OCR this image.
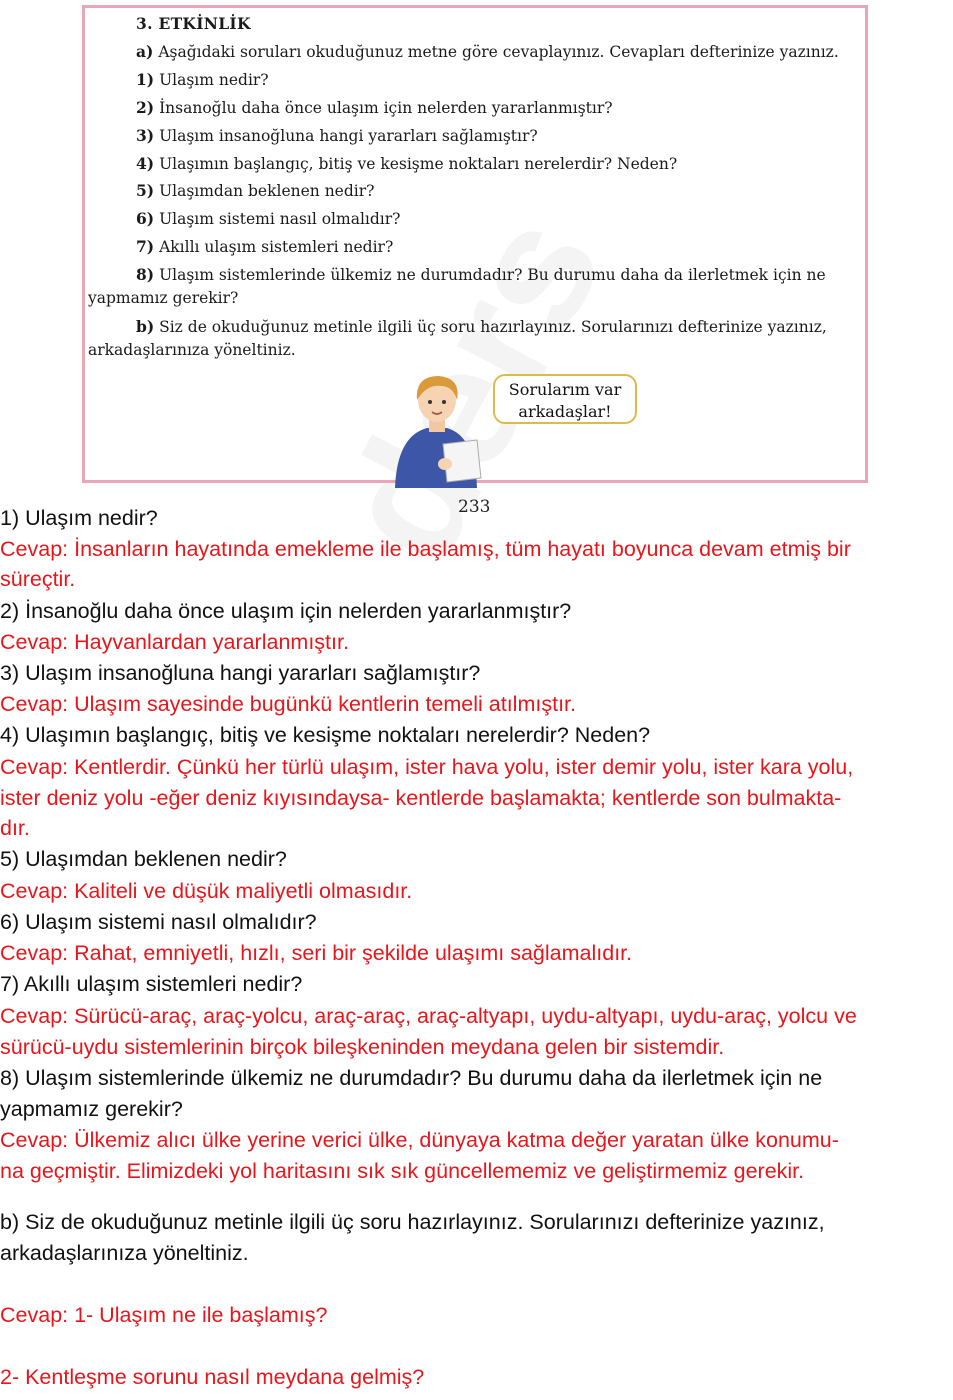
3. ETKİNLİK
a) Aşağıdaki soruları okuduğunuz metne göre cevaplayınız. Cevapları defterinize yazınız.
1) Ulaşım nedir?
2) İnsanoğlu daha önce ulaşım için nelerden yararlanmıştır?
3) Ulaşım insanoğluna hangi yararları sağlamıştır?
4) Ulaşımın başlangıç, bitiş ve kesişme noktaları nerelerdir? Neden?
5) Ulaşımdan beklenen nedir?
6) Ulaşım sistemi nasıl olmalıdır?
7) Akıllı ulaşım sistemleri nedir?
8) Ulaşım sistemlerinde ülkemiz ne durumdadır? Bu durumu daha da ilerletmek için ne
yapmamız gerekir?
b) Siz de okuduğunuz metinle ilgili üç soru hazırlayınız. Sorularınızı defterinize yazınız,
arkadaşlarınıza yöneltiniz.
Sorularım var
arkadaşlar!
233
1) Ulaşım nedir?
Cevap: İnsanların hayatında emekleme ile başlamış, tüm hayatı boyunca devam etmiş bir
süreçtir.
2) İnsanoğlu daha önce ulaşım için nelerden yararlanmıştır?
Cevap: Hayvanlardan yararlanmıştır.
3) Ulaşım insanoğluna hangi yararları sağlamıştır?
Cevap: Ulaşım sayesinde bugünkü kentlerin temeli atılmıştır.
4) Ulaşımın başlangıç, bitiş ve kesişme noktaları nerelerdir? Neden?
Cevap: Kentlerdir. Çünkü her türlü ulaşım, ister hava yolu, ister demir yolu, ister kara yolu,
ister deniz yolu -eğer deniz kıyısındaysa- kentlerde başlamakta; kentlerde son bulmakta-
dır.
5) Ulaşımdan beklenen nedir?
Cevap: Kaliteli ve düşük maliyetli olmasıdır.
6) Ulaşım sistemi nasıl olmalıdır?
Cevap: Rahat, emniyetli, hızlı, seri bir şekilde ulaşımı sağlamalıdır.
7) Akıllı ulaşım sistemleri nedir?
Cevap: Sürücü-araç, araç-yolcu, araç-araç, araç-altyapı, uydu-altyapı, uydu-araç, yolcu ve
sürücü-uydu sistemlerinin birçok bileşkeninden meydana gelen bir sistemdir.
8) Ulaşım sistemlerinde ülkemiz ne durumdadır? Bu durumu daha da ilerletmek için ne
yapmamız gerekir?
Cevap: Ülkemiz alıcı ülke yerine verici ülke, dünyaya katma değer yaratan ülke konumu-
na geçmiştir. Elimizdeki yol haritasını sık sık güncellememiz ve geliştirmemiz gerekir.
b) Siz de okuduğunuz metinle ilgili üç soru hazırlayınız. Sorularınızı defterinize yazınız,
arkadaşlarınıza yöneltiniz.
Cevap: 1- Ulaşım ne ile başlamış?
2- Kentleşme sorunu nasıl meydana gelmiş?
